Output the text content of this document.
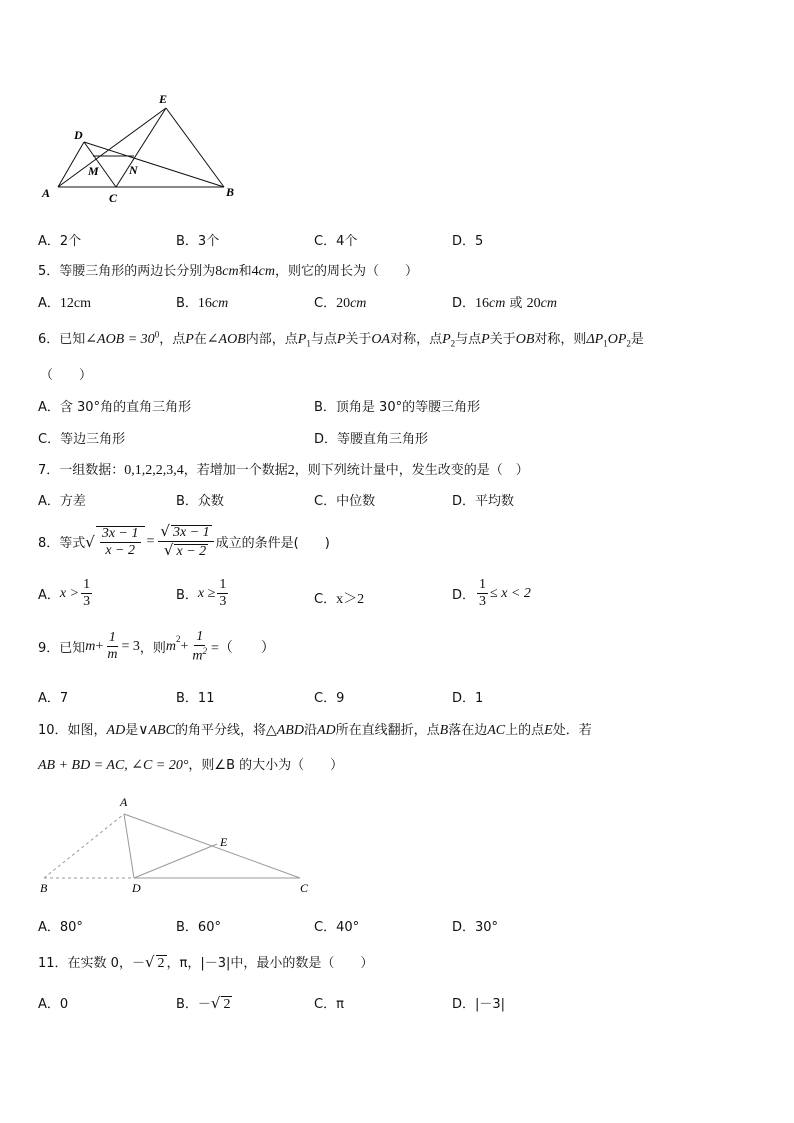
E
D
M	N
A	C	B
A．2个	B．3个	C．4个	D．5
5．等腰三角形的两边长分别为8cm和4cm，则它的周长为（　　）
A．12cm	B．16cm	C．20cm	D．16cm 或 20cm
6．已知∠AOB = $30^0$，点P在∠AOB内部，点$P_1$与点P关于OA对称，点$P_2$与点P关于OB对称，则$\Delta P_1OP_2$是
（　　）
A．含 30°角的直角三角形	B．顶角是 30°的等腰三角形
C．等边三角形	D．等腰直角三角形
7．一组数据：0,1,2,2,3,4，若增加一个数据2，则下列统计量中，发生改变的是（　）
A．方差	B．众数	C．中位数	D．平均数
8．等式 √ $\frac{3x - 1}{x - 2} = \frac{√ 3x - 1}{√ x - 2}$ 成立的条件是(　　)
A． $x > \frac{1}{3}$	B． $x \ge \frac{1}{3}$	C．x＞2	D． $\frac{1}{3} \le x < 2$
9．已知 $m + \frac{1}{m} = 3$ ，则 $m^2 + \frac{1}{m^2}$ =（　　）
A．7	B．11	C．9	D．1
10．如图，AD是∨ABC的角平分线，将△ABD沿AD所在直线翻折，点B落在边AC上的点E处．若
AB + BD = AC, ∠C = 20°，则∠B 的大小为（　　）
A
E
B	D	C
A．80°	B．60°	C．40°	D．30°
11．在实数 0，－√ 2 ，π，|－3|中，最小的数是（　　）
A．0	B．－√ 2	C．π	D．|－3|
